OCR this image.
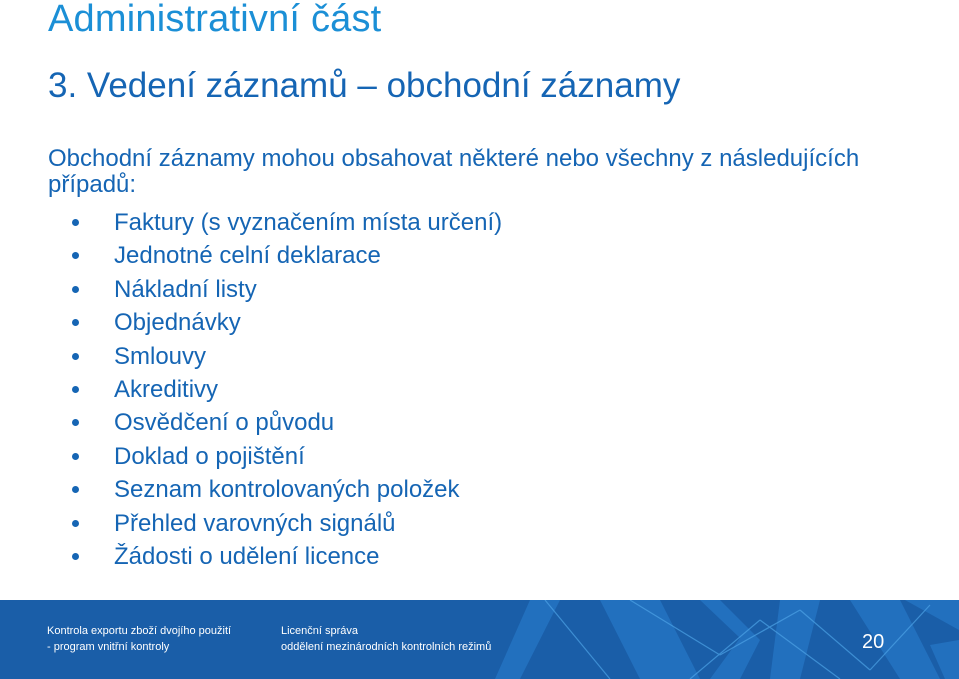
Administrativní část
3. Vedení záznamů – obchodní záznamy
Obchodní záznamy mohou obsahovat některé nebo všechny z následujících případů:
Faktury (s vyznačením místa určení)
Jednotné celní deklarace
Nákladní listy
Objednávky
Smlouvy
Akreditivy
Osvědčení o původu
Doklad o pojištění
Seznam kontrolovaných položek
Přehled varovných signálů
Žádosti o udělení licence
Kontrola exportu zboží dvojího použití
- program vnitřní kontroly
Licenční správa
oddělení mezinárodních kontrolních režimů	20
